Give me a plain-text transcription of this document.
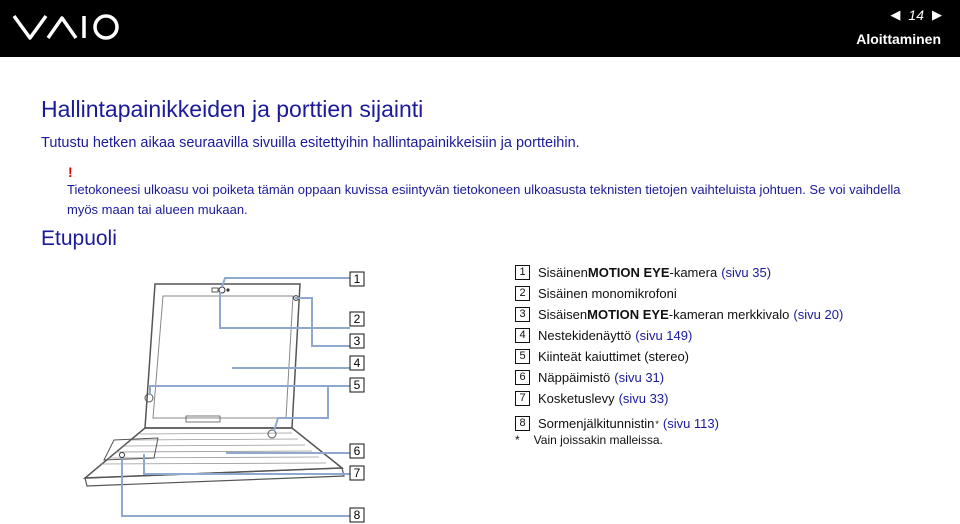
◀ 14 ▶
Aloittaminen
Hallintapainikkeiden ja porttien sijainti
Tutustu hetken aikaa seuraavilla sivuilla esitettyihin hallintapainikkeisiin ja portteihin.
!
Tietokoneesi ulkoasu voi poiketa tämän oppaan kuvissa esiintyvän tietokoneen ulkoasusta teknisten tietojen vaihteluista johtuen. Se voi vaihdella myös maan tai alueen mukaan.
Etupuoli
1
2
3
4
5
6
7
8
1 Sisäinen MOTION EYE -kamera (sivu 35)
2 Sisäinen monomikrofoni
3 Sisäisen MOTION EYE -kameran merkkivalo (sivu 20)
4 Nestekidenäyttö (sivu 149)
5 Kiinteät kaiuttimet (stereo)
6 Näppäimistö (sivu 31)
7 Kosketuslevy (sivu 33)
8 Sormenjälkitunnistin * (sivu 113)
* Vain joissakin malleissa.
